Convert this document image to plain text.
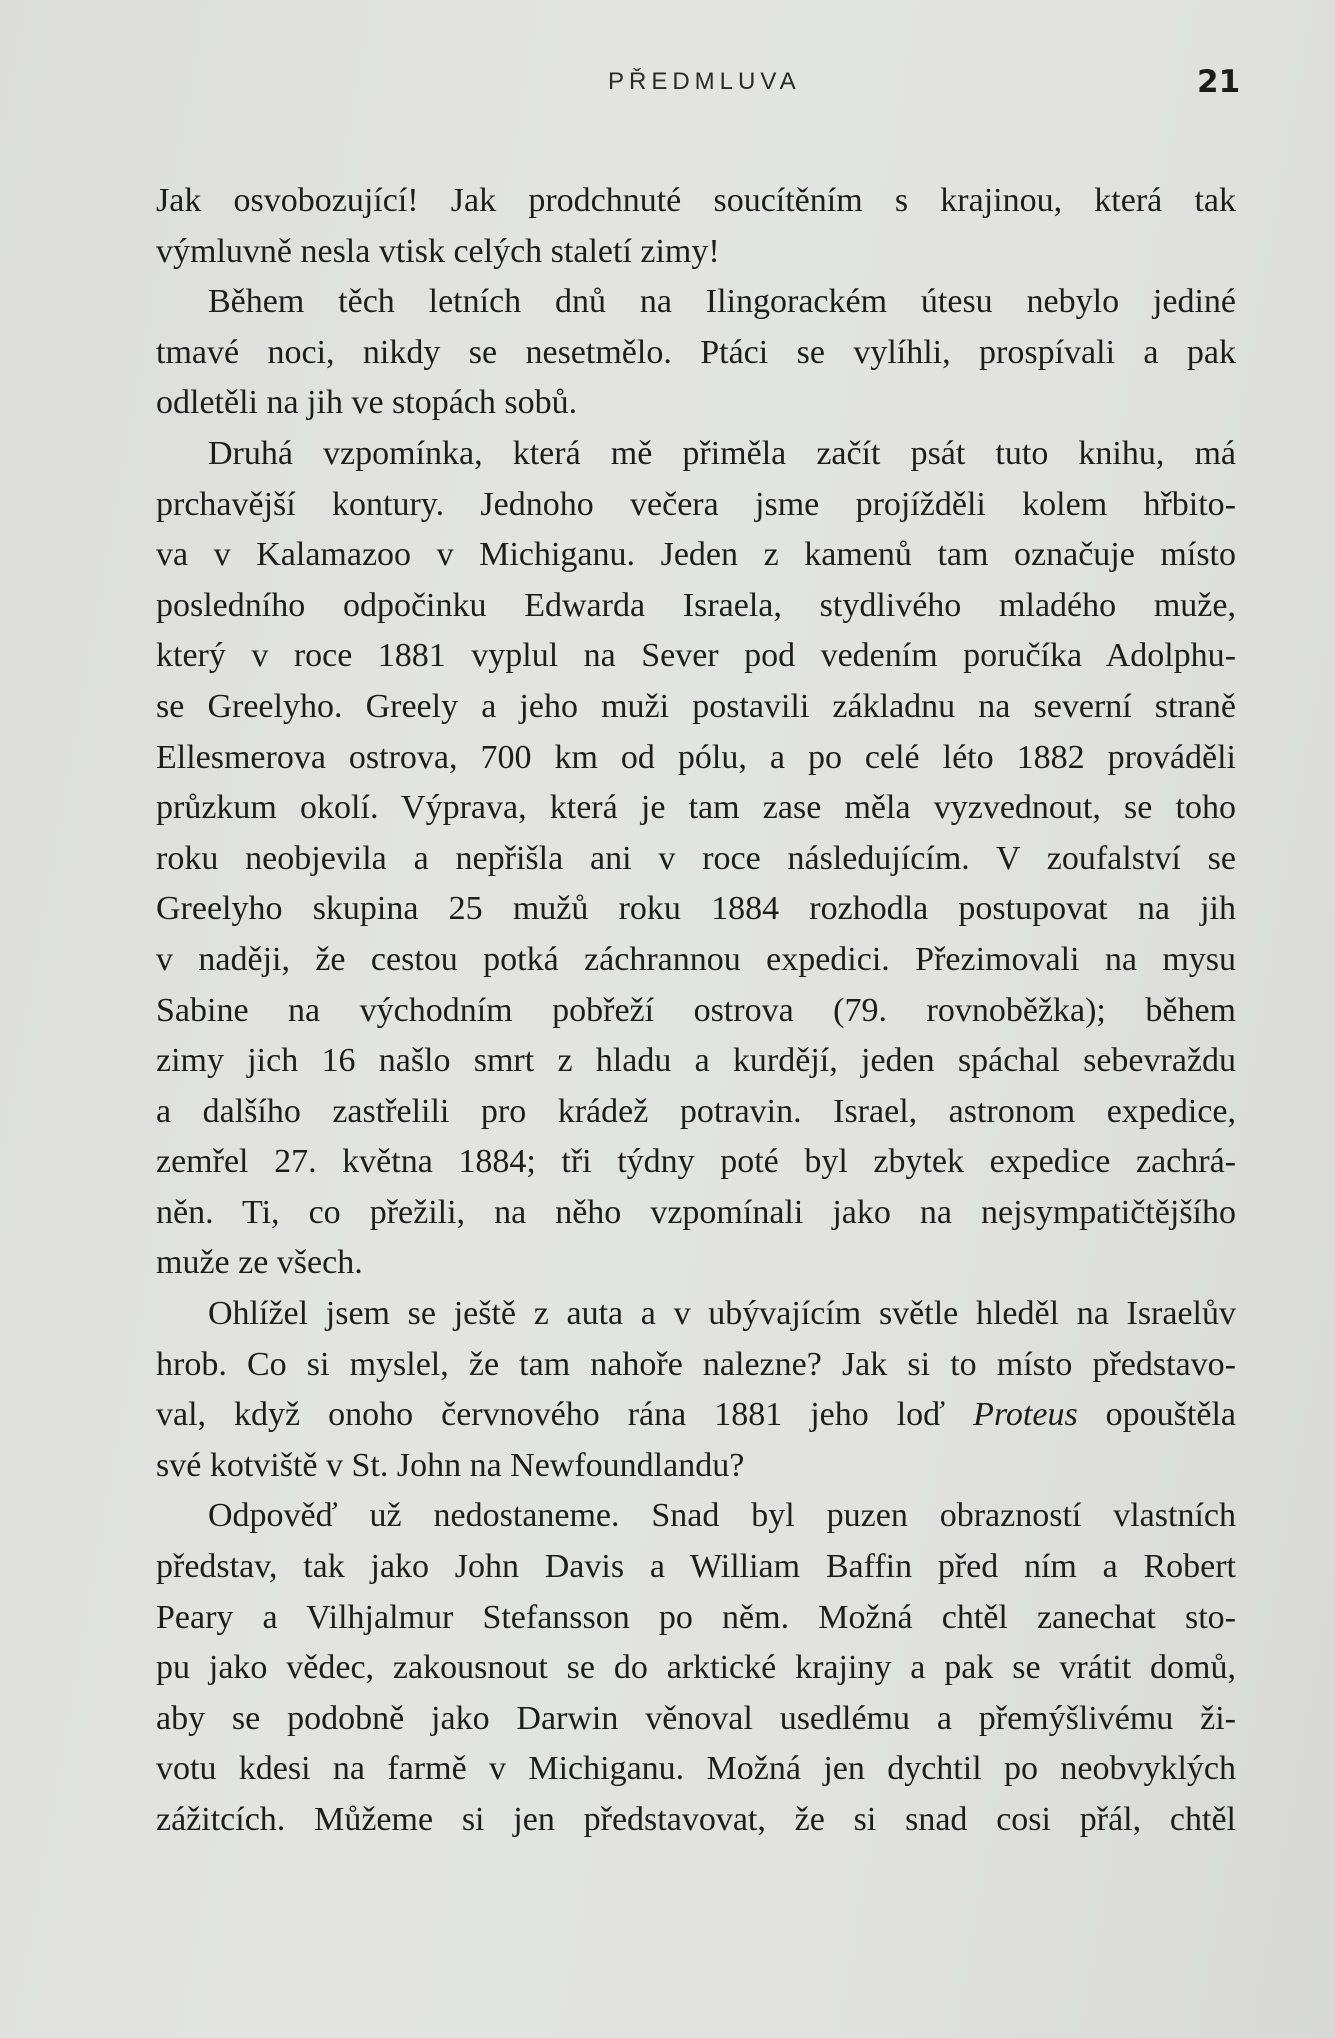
PŘEDMLUVA	21
Jak osvobozující! Jak prodchnuté soucítěním s krajinou, která tak
výmluvně nesla vtisk celých staletí zimy!
Během těch letních dnů na Ilingorackém útesu nebylo jediné
tmavé noci, nikdy se nesetmělo. Ptáci se vylíhli, prospívali a pak
odletěli na jih ve stopách sobů.
Druhá vzpomínka, která mě přiměla začít psát tuto knihu, má
prchavější kontury. Jednoho večera jsme projížděli kolem hřbito-
va v Kalamazoo v Michiganu. Jeden z kamenů tam označuje místo
posledního odpočinku Edwarda Israela, stydlivého mladého muže,
který v roce 1881 vyplul na Sever pod vedením poručíka Adolphu-
se Greelyho. Greely a jeho muži postavili základnu na severní straně
Ellesmerova ostrova, 700 km od pólu, a po celé léto 1882 prováděli
průzkum okolí. Výprava, která je tam zase měla vyzvednout, se toho
roku neobjevila a nepřišla ani v roce následujícím. V zoufalství se
Greelyho skupina 25 mužů roku 1884 rozhodla postupovat na jih
v naději, že cestou potká záchrannou expedici. Přezimovali na mysu
Sabine na východním pobřeží ostrova (79. rovnoběžka); během
zimy jich 16 našlo smrt z hladu a kurdějí, jeden spáchal sebevraždu
a dalšího zastřelili pro krádež potravin. Israel, astronom expedice,
zemřel 27. května 1884; tři týdny poté byl zbytek expedice zachrá-
něn. Ti, co přežili, na něho vzpomínali jako na nejsympatičtějšího
muže ze všech.
Ohlížel jsem se ještě z auta a v ubývajícím světle hleděl na Israelův
hrob. Co si myslel, že tam nahoře nalezne? Jak si to místo představo-
val, když onoho červnového rána 1881 jeho loď Proteus opouštěla
své kotviště v St. John na Newfoundlandu?
Odpověď už nedostaneme. Snad byl puzen obrazností vlastních
představ, tak jako John Davis a William Baffin před ním a Robert
Peary a Vilhjalmur Stefansson po něm. Možná chtěl zanechat sto-
pu jako vědec, zakousnout se do arktické krajiny a pak se vrátit domů,
aby se podobně jako Darwin věnoval usedlému a přemýšlivému ži-
votu kdesi na farmě v Michiganu. Možná jen dychtil po neobvyklých
zážitcích. Můžeme si jen představovat, že si snad cosi přál, chtěl
